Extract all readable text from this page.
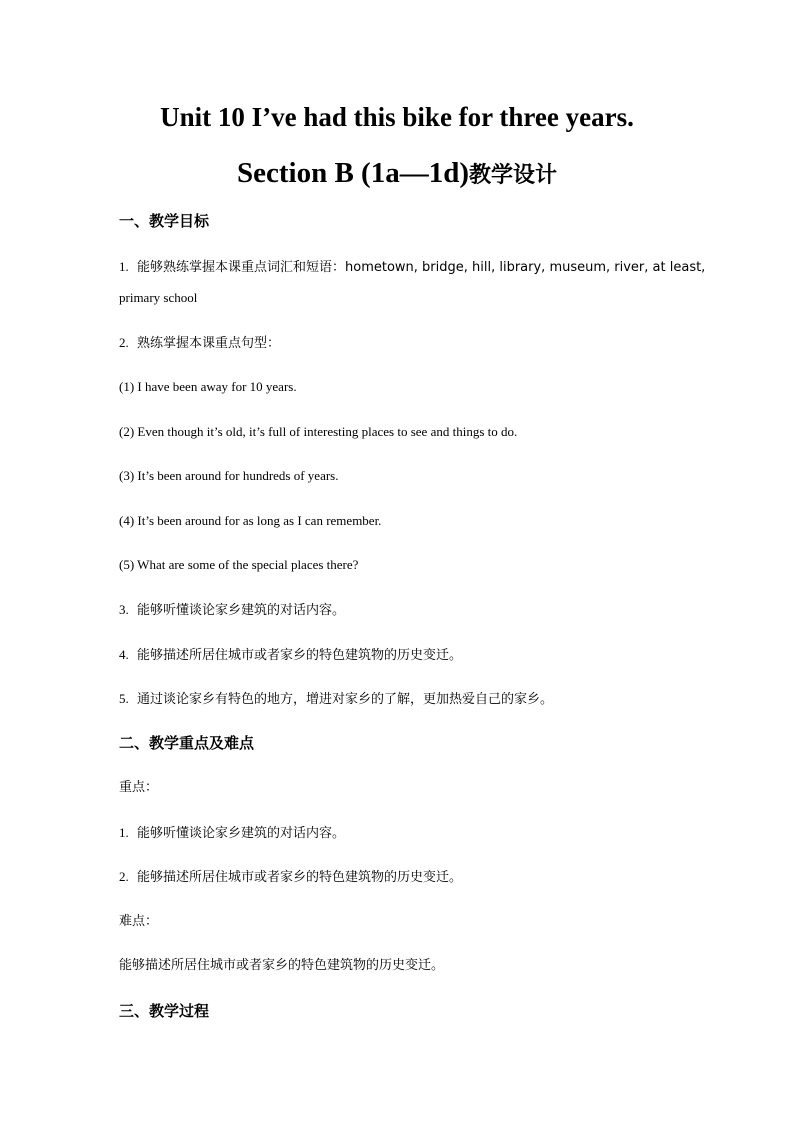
Unit 10 I’ve had this bike for three years.
Section B (1a—1d)教学设计
一、教学目标
1. 能够熟练掌握本课重点词汇和短语：hometown, bridge, hill, library, museum, river, at least,
primary school
2. 熟练掌握本课重点句型：
(1) I have been away for 10 years.
(2) Even though it’s old, it’s full of interesting places to see and things to do.
(3) It’s been around for hundreds of years.
(4) It’s been around for as long as I can remember.
(5) What are some of the special places there?
3. 能够听懂谈论家乡建筑的对话内容。
4. 能够描述所居住城市或者家乡的特色建筑物的历史变迁。
5. 通过谈论家乡有特色的地方，增进对家乡的了解，更加热爱自己的家乡。
二、教学重点及难点
重点：
1. 能够听懂谈论家乡建筑的对话内容。
2. 能够描述所居住城市或者家乡的特色建筑物的历史变迁。
难点：
能够描述所居住城市或者家乡的特色建筑物的历史变迁。
三、教学过程
